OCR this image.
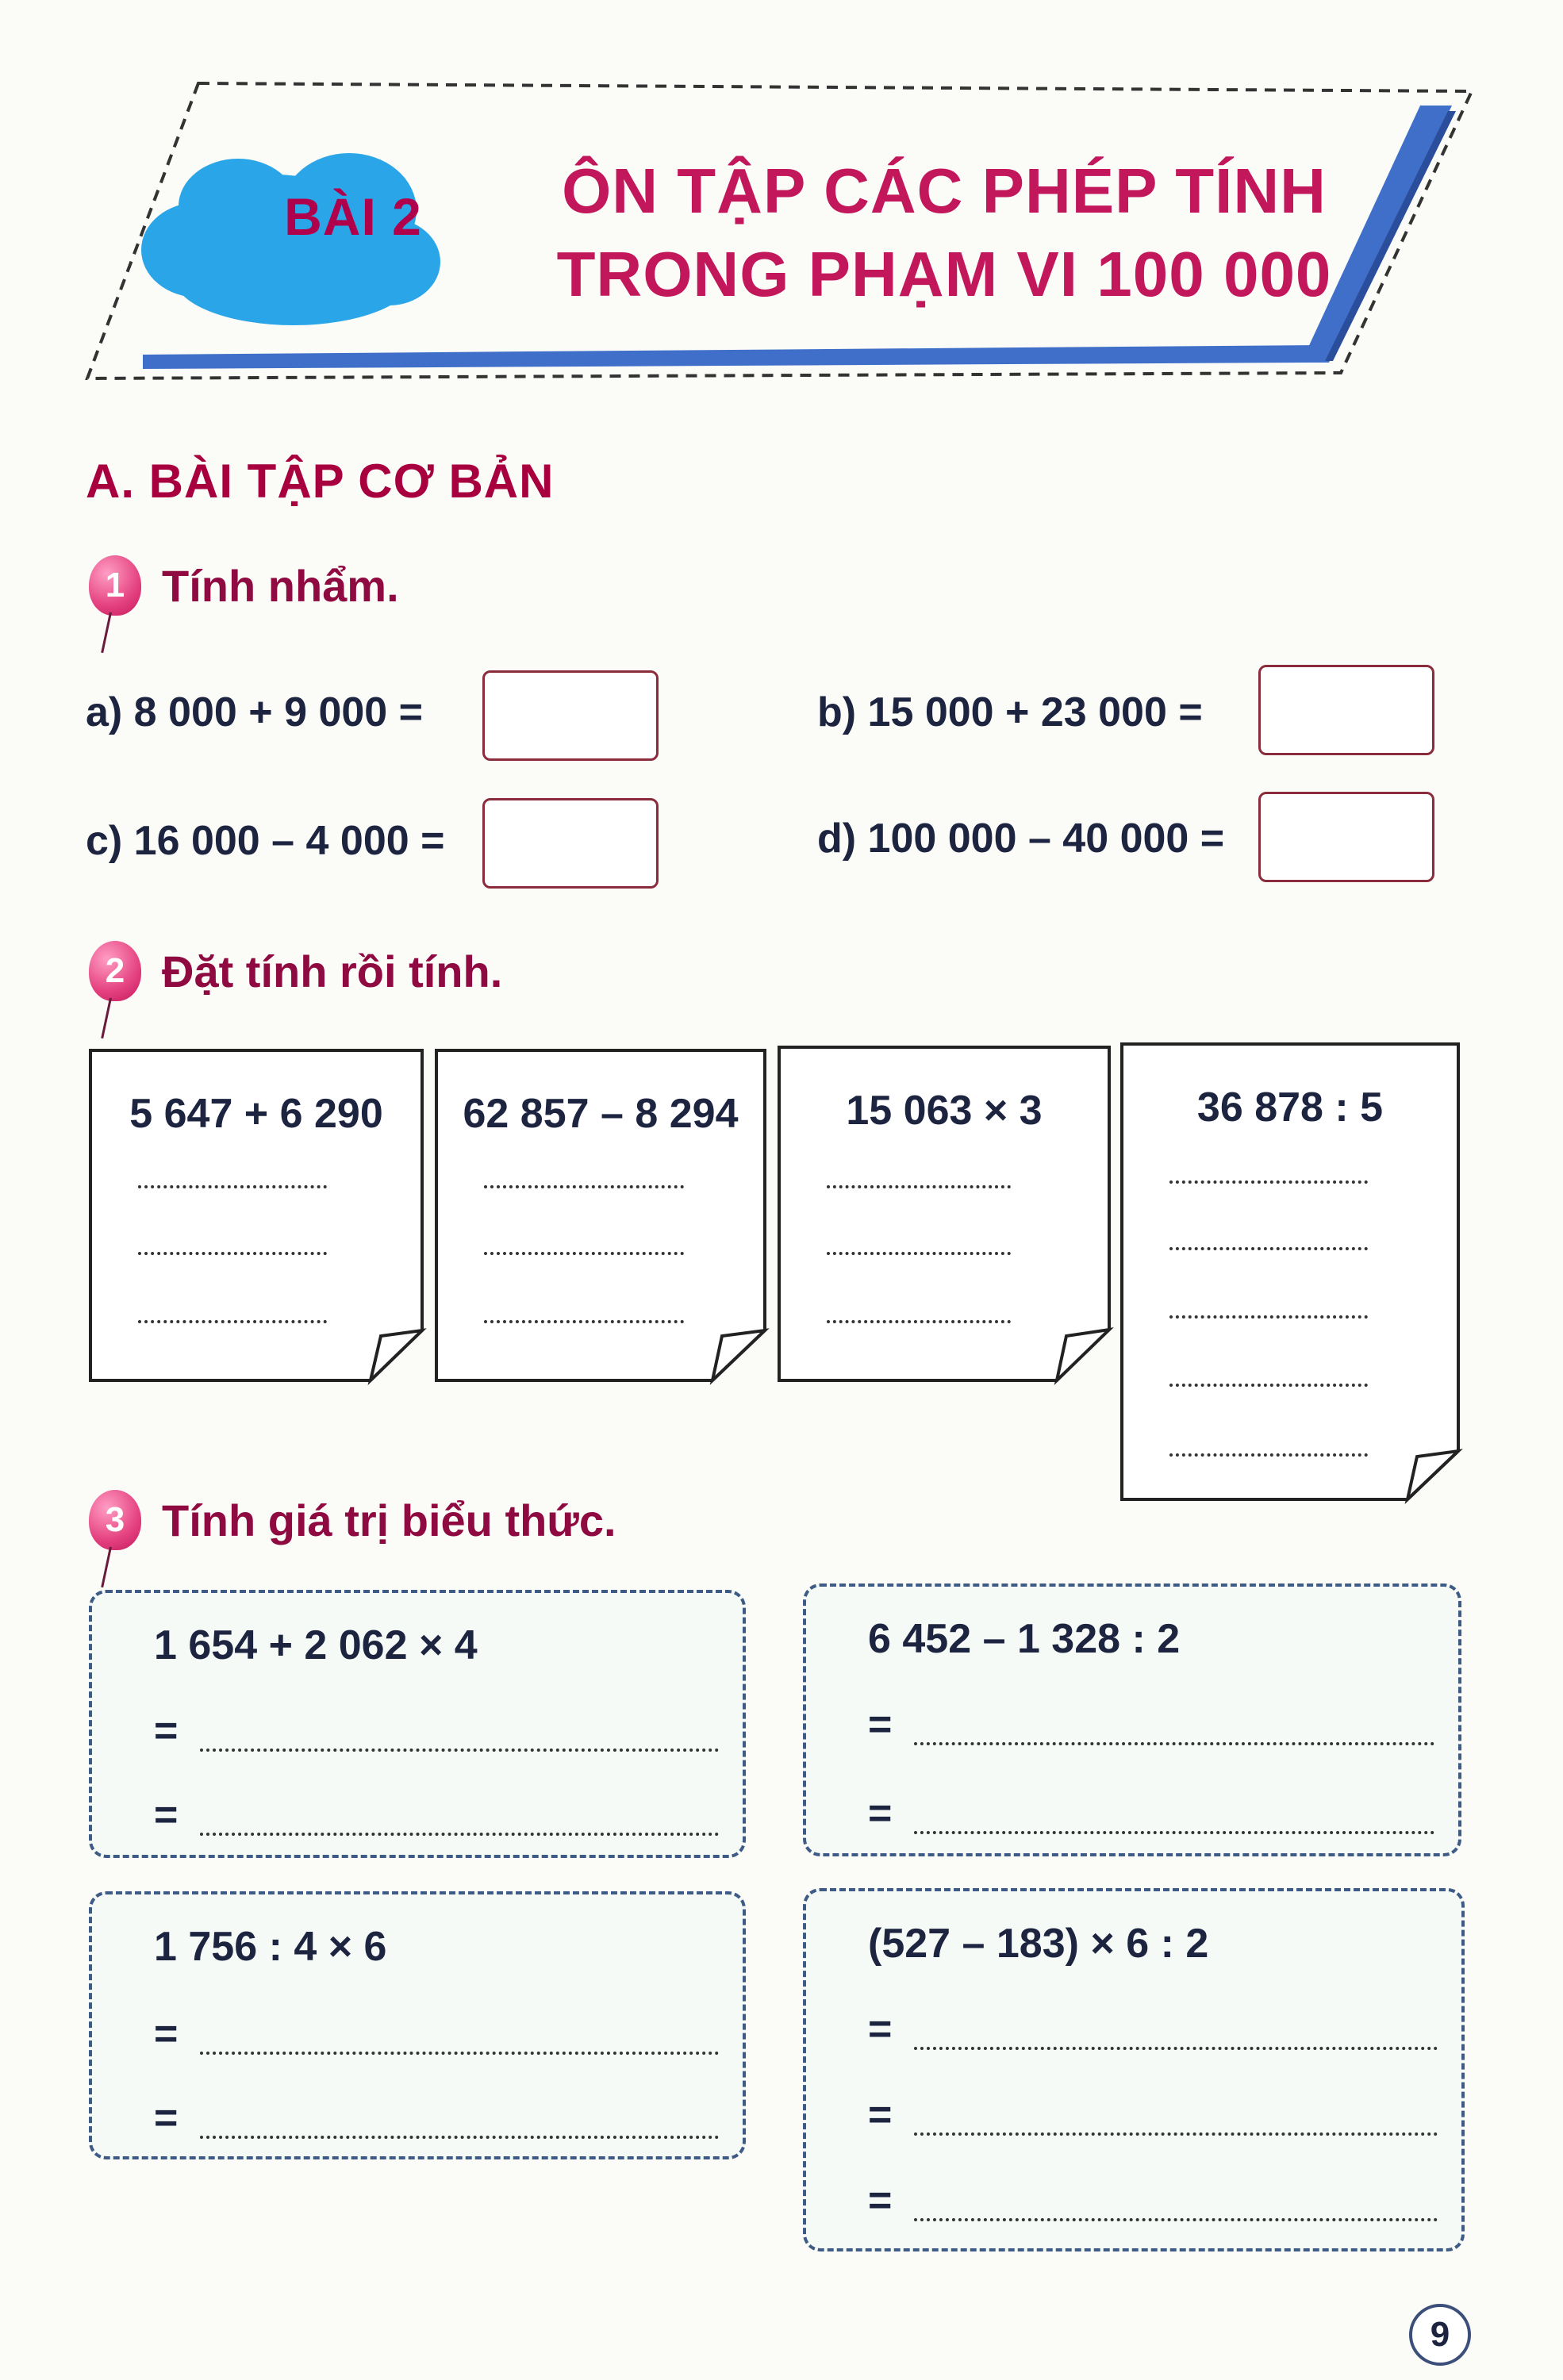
BÀI 2	ÔN TẬP CÁC PHÉP TÍNH
TRONG PHẠM VI 100 000
A. BÀI TẬP CƠ BẢN
1 Tính nhẩm.
a) 8 000 + 9 000 =	b) 15 000 + 23 000 =
c) 16 000 – 4 000 =	d) 100 000 – 40 000 =
2 Đặt tính rồi tính.
5 647 + 6 290	62 857 – 8 294	15 063 × 3	36 878 : 5
3 Tính giá trị biểu thức.
1 654 + 2 062 × 4
=
=
6 452 – 1 328 : 2
=
=
1 756 : 4 × 6
=
=
(527 – 183) × 6 : 2
=
=
=
9
